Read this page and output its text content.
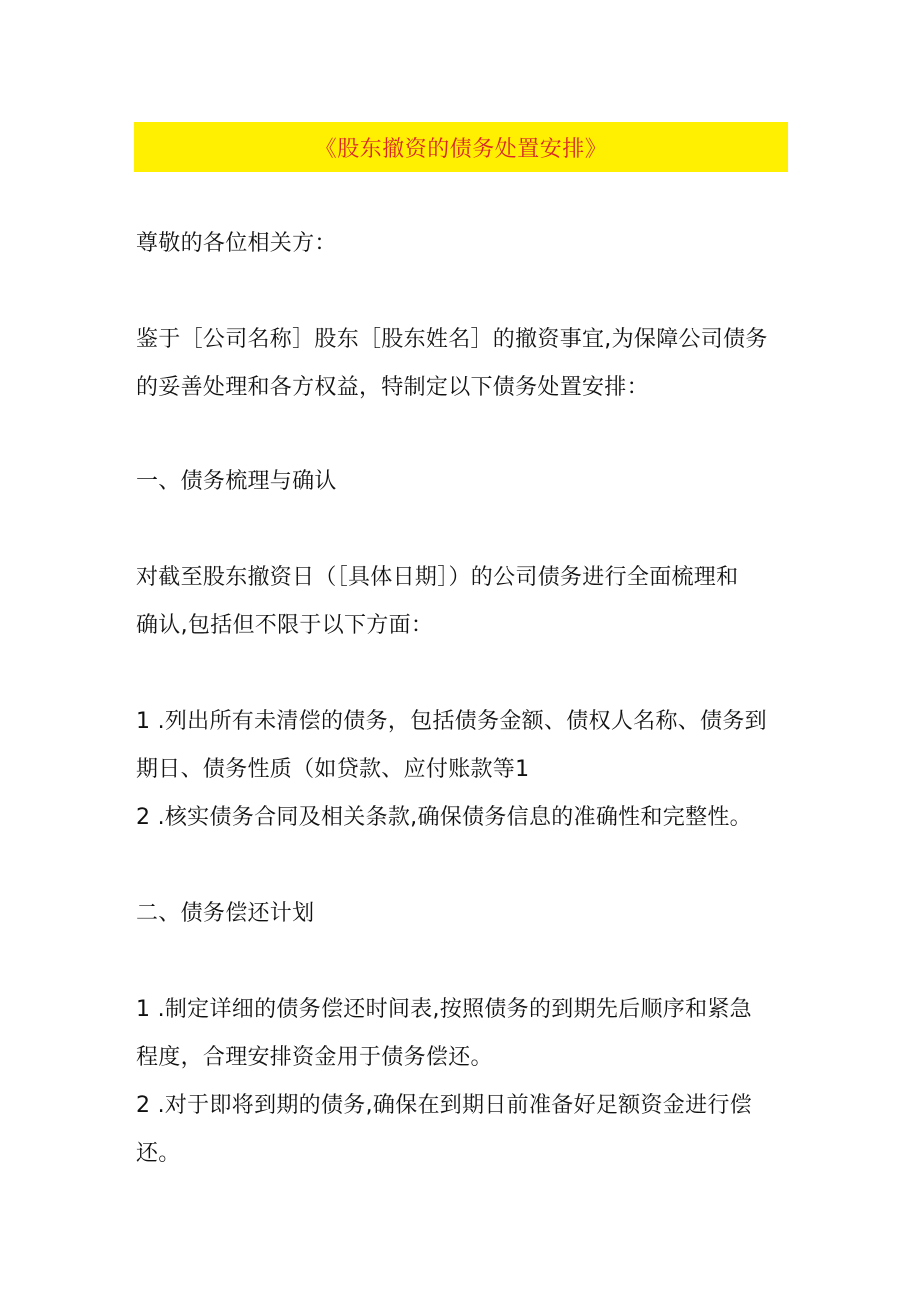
《股东撤资的债务处置安排》
尊敬的各位相关方：
鉴于［公司名称］股东［股东姓名］的撤资事宜,为保障公司债务
的妥善处理和各方权益，特制定以下债务处置安排：
一、债务梳理与确认
对截至股东撤资日（［具体日期］）的公司债务进行全面梳理和
确认,包括但不限于以下方面：
1 .列出所有未清偿的债务，包括债务金额、债权人名称、债务到
期日、债务性质（如贷款、应付账款等1
2 .核实债务合同及相关条款,确保债务信息的准确性和完整性。
二、债务偿还计划
1 .制定详细的债务偿还时间表,按照债务的到期先后顺序和紧急
程度，合理安排资金用于债务偿还。
2 .对于即将到期的债务,确保在到期日前准备好足额资金进行偿
还。
